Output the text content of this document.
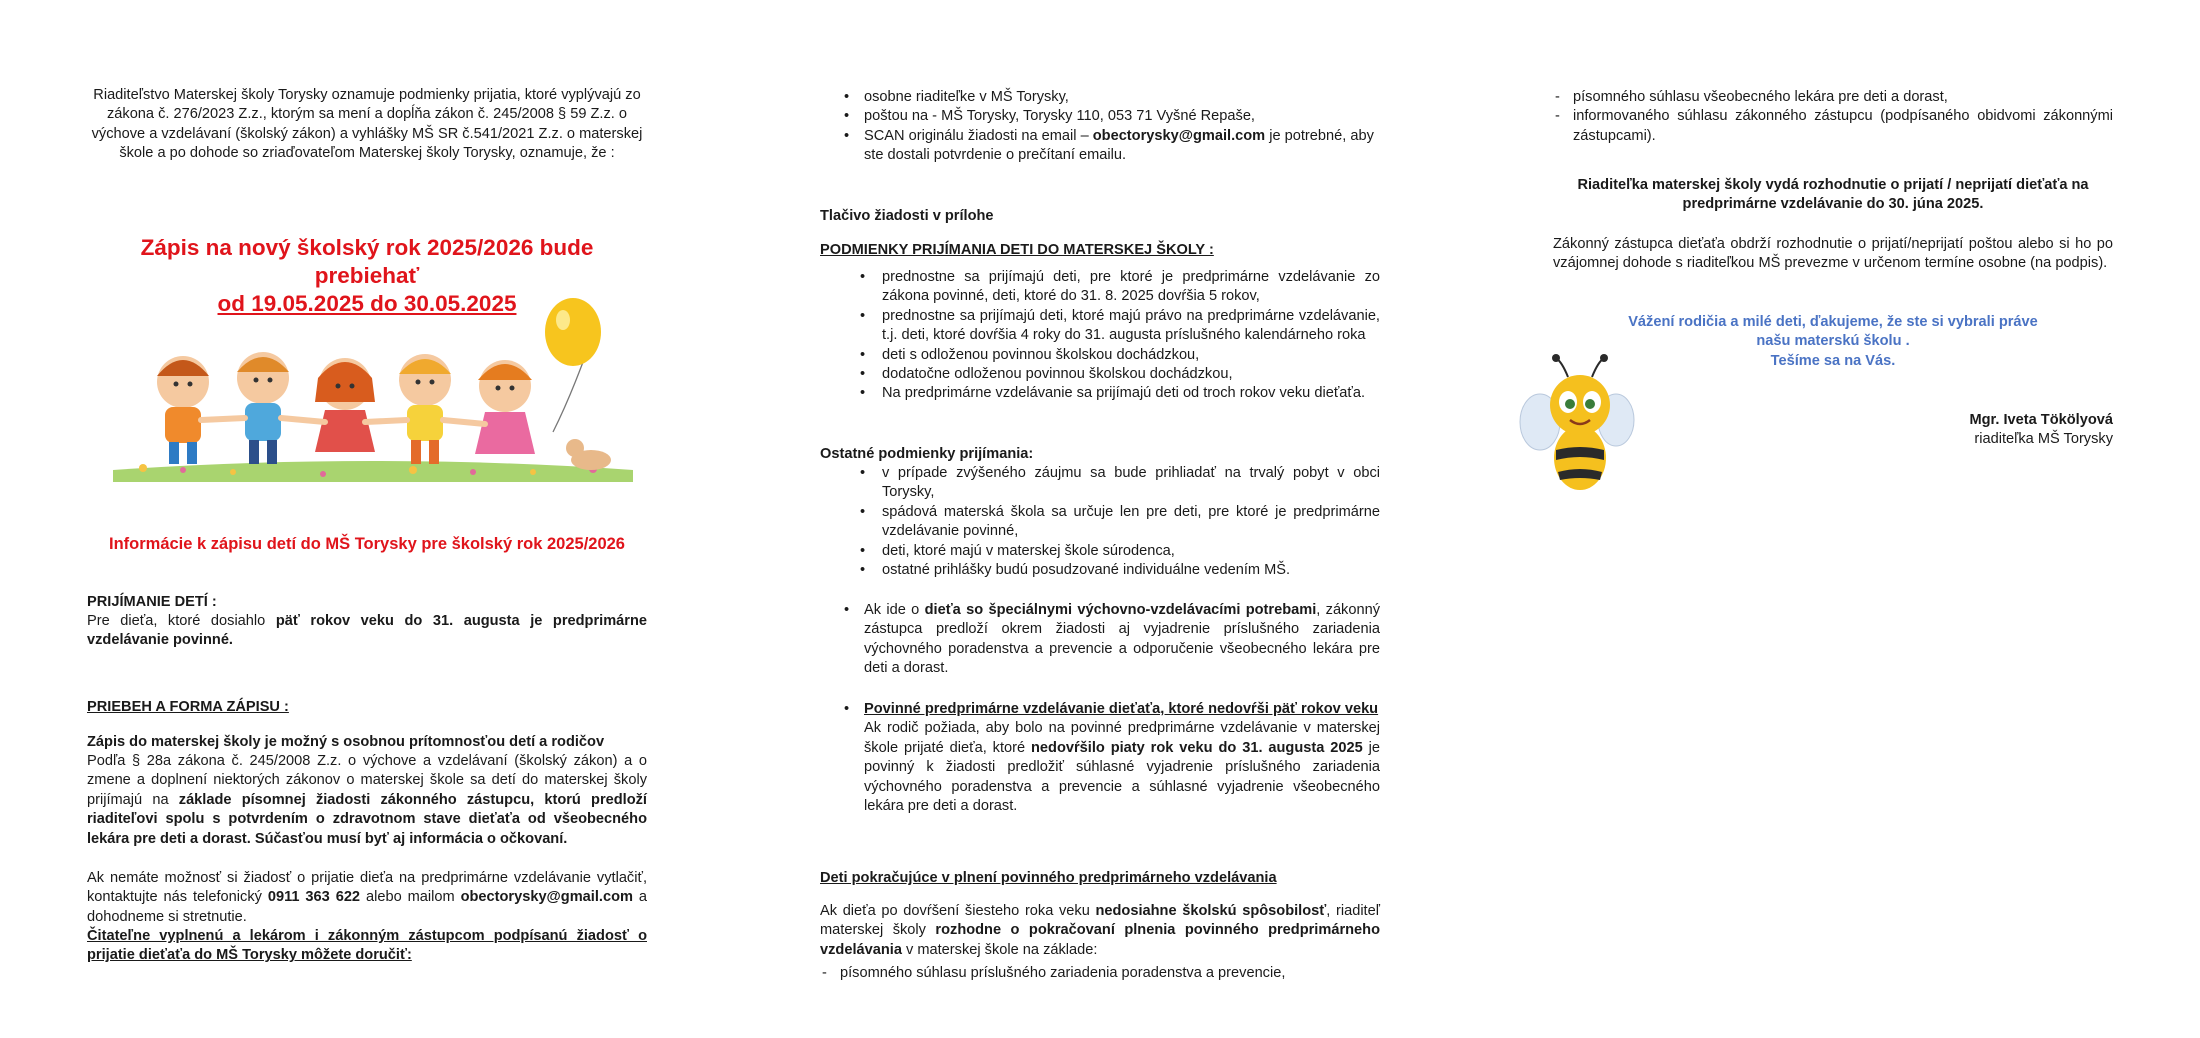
Riaditeľstvo Materskej školy Torysky oznamuje podmienky prijatia, ktoré vyplývajú zo zákona č. 276/2023 Z.z., ktorým sa mení a dopĺňa zákon č. 245/2008 § 59 Z.z. o výchove a vzdelávaní (školský zákon) a vyhlášky MŠ SR č.541/2021 Z.z. o materskej škole a po dohode so zriaďovateľom Materskej školy Torysky, oznamuje, že :

Zápis na nový školský rok 2025/2026 bude prebiehať
od 19.05.2025 do 30.05.2025

Informácie k zápisu detí do MŠ Torysky pre školský rok 2025/2026

PRIJÍMANIE DETÍ :

Pre dieťa, ktoré dosiahlo päť rokov veku do 31. augusta je predprimárne vzdelávanie povinné.

PRIEBEH A FORMA ZÁPISU :

Zápis do materskej školy je možný s osobnou prítomnosťou detí a rodičov

Podľa § 28a zákona č. 245/2008 Z.z. o výchove a vzdelávaní (školský zákon) a o zmene a doplnení niektorých zákonov o materskej škole sa detí do materskej školy prijímajú na základe písomnej žiadosti zákonného zástupcu, ktorú predloží riaditeľovi spolu s potvrdením o zdravotnom stave dieťaťa od všeobecného lekára pre deti a dorast. Súčasťou musí byť aj informácia o očkovaní.

Ak nemáte možnosť si žiadosť o prijatie dieťa na predprimárne vzdelávanie vytlačiť, kontaktujte nás telefonický 0911 363 622 alebo mailom obectorysky@gmail.com a dohodneme si stretnutie.

Čitateľne vyplnenú a lekárom i zákonným zástupcom podpísanú žiadosť o prijatie dieťaťa do MŠ Torysky môžete doručiť:

• osobne riaditeľke v MŠ Torysky,
• poštou na - MŠ Torysky, Torysky 110, 053 71 Vyšné Repaše,
• SCAN originálu žiadosti na email – obectorysky@gmail.com je potrebné, aby ste dostali potvrdenie o prečítaní emailu.

Tlačivo žiadosti v prílohe

PODMIENKY PRIJÍMANIA DETI DO MATERSKEJ ŠKOLY :

• prednostne sa prijímajú deti, pre ktoré je predprimárne vzdelávanie zo zákona povinné, deti, ktoré do 31. 8. 2025 dovŕšia 5 rokov,
• prednostne sa prijímajú deti, ktoré majú právo na predprimárne vzdelávanie, t.j. deti, ktoré dovŕšia 4 roky do 31. augusta príslušného kalendárneho roka
• deti s odloženou povinnou školskou dochádzkou,
• dodatočne odloženou povinnou školskou dochádzkou,
• Na predprimárne vzdelávanie sa prijímajú deti od troch rokov veku dieťaťa.

Ostatné podmienky prijímania:

• v prípade zvýšeného záujmu sa bude prihliadať na trvalý pobyt v obci Torysky,
• spádová materská škola sa určuje len pre deti, pre ktoré je predprimárne vzdelávanie povinné,
• deti, ktoré majú v materskej škole súrodenca,
• ostatné prihlášky budú posudzované individuálne vedením MŠ.
• Ak ide o dieťa so špeciálnymi výchovno-vzdelávacími potrebami, zákonný zástupca predloží okrem žiadosti aj vyjadrenie príslušného zariadenia výchovného poradenstva a prevencie a odporučenie všeobecného lekára pre deti a dorast.
• Povinné predprimárne vzdelávanie dieťaťa, ktoré nedovŕši päť rokov veku
Ak rodič požiada, aby bolo na povinné predprimárne vzdelávanie v materskej škole prijaté dieťa, ktoré nedovŕšilo piaty rok veku do 31. augusta 2025 je povinný k žiadosti predložiť súhlasné vyjadrenie príslušného zariadenia výchovného poradenstva a prevencie a súhlasné vyjadrenie všeobecného lekára pre deti a dorast.

Deti pokračujúce v plnení povinného predprimárneho vzdelávania

Ak dieťa po dovŕšení šiesteho roka veku nedosiahne školskú spôsobilosť, riaditeľ materskej školy rozhodne o pokračovaní plnenia povinného predprimárneho vzdelávania v materskej škole na základe:

- písomného súhlasu príslušného zariadenia poradenstva a prevencie,
- písomného súhlasu všeobecného lekára pre deti a dorast,
- informovaného súhlasu zákonného zástupcu (podpísaného obidvomi zákonnými zástupcami).

Riaditeľka materskej školy vydá rozhodnutie o prijatí / neprijatí dieťaťa na predprimárne vzdelávanie do 30. júna 2025.

Zákonný zástupca dieťaťa obdrží rozhodnutie o prijatí/neprijatí poštou alebo si ho po vzájomnej dohode s riaditeľkou MŠ prevezme v určenom termíne osobne (na podpis).

Vážení rodičia a milé deti, ďakujeme, že ste si vybrali práve
našu materskú školu .
Tešíme sa na Vás.

Mgr. Iveta Tökölyová

riaditeľka MŠ Torysky
